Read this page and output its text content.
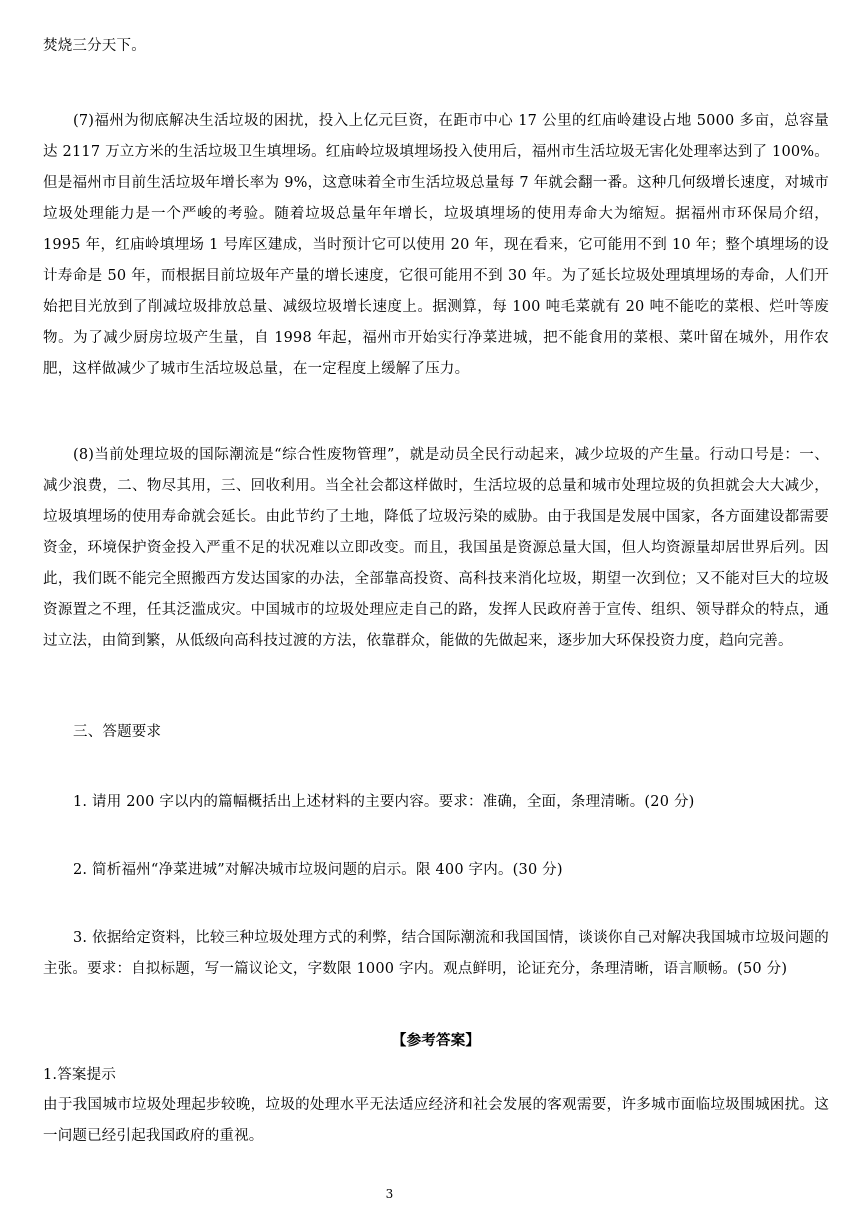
焚烧三分天下。

(7)福州为彻底解决生活垃圾的困扰，投入上亿元巨资，在距市中心 17 公里的红庙岭建设占地 5000 多亩，总容量达 2117 万立方米的生活垃圾卫生填埋场。红庙岭垃圾填埋场投入使用后，福州市生活垃圾无害化处理率达到了 100%。但是福州市目前生活垃圾年增长率为 9%，这意味着全市生活垃圾总量每 7 年就会翻一番。这种几何级增长速度，对城市垃圾处理能力是一个严峻的考验。随着垃圾总量年年增长，垃圾填埋场的使用寿命大为缩短。据福州市环保局介绍，1995 年，红庙岭填埋场 1 号库区建成，当时预计它可以使用 20 年，现在看来，它可能用不到 10 年；整个填埋场的设计寿命是 50 年，而根据目前垃圾年产量的增长速度，它很可能用不到 30 年。为了延长垃圾处理填埋场的寿命，人们开始把目光放到了削减垃圾排放总量、减级垃圾增长速度上。据测算，每 100 吨毛菜就有 20 吨不能吃的菜根、烂叶等废物。为了减少厨房垃圾产生量，自 1998 年起，福州市开始实行净菜进城，把不能食用的菜根、菜叶留在城外，用作农肥，这样做减少了城市生活垃圾总量，在一定程度上缓解了压力。

(8)当前处理垃圾的国际潮流是“综合性废物管理”，就是动员全民行动起来，减少垃圾的产生量。行动口号是：一、减少浪费，二、物尽其用，三、回收利用。当全社会都这样做时，生活垃圾的总量和城市处理垃圾的负担就会大大减少，垃圾填埋场的使用寿命就会延长。由此节约了土地，降低了垃圾污染的威胁。由于我国是发展中国家，各方面建设都需要资金，环境保护资金投入严重不足的状况难以立即改变。而且，我国虽是资源总量大国，但人均资源量却居世界后列。因此，我们既不能完全照搬西方发达国家的办法，全部靠高投资、高科技来消化垃圾，期望一次到位；又不能对巨大的垃圾资源置之不理，任其泛滥成灾。中国城市的垃圾处理应走自己的路，发挥人民政府善于宣传、组织、领导群众的特点，通过立法，由简到繁，从低级向高科技过渡的方法，依靠群众，能做的先做起来，逐步加大环保投资力度，趋向完善。

三、答题要求

1. 请用 200 字以内的篇幅概括出上述材料的主要内容。要求：准确，全面，条理清晰。(20 分)

2. 简析福州“净菜进城”对解决城市垃圾问题的启示。限 400 字内。(30 分)

3. 依据给定资料，比较三种垃圾处理方式的利弊，结合国际潮流和我国国情，谈谈你自己对解决我国城市垃圾问题的主张。要求：自拟标题，写一篇议论文，字数限 1000 字内。观点鲜明，论证充分，条理清晰，语言顺畅。(50 分)

【参考答案】

1.答案提示

由于我国城市垃圾处理起步较晚，垃圾的处理水平无法适应经济和社会发展的客观需要，许多城市面临垃圾围城困扰。这一问题已经引起我国政府的重视。

3
